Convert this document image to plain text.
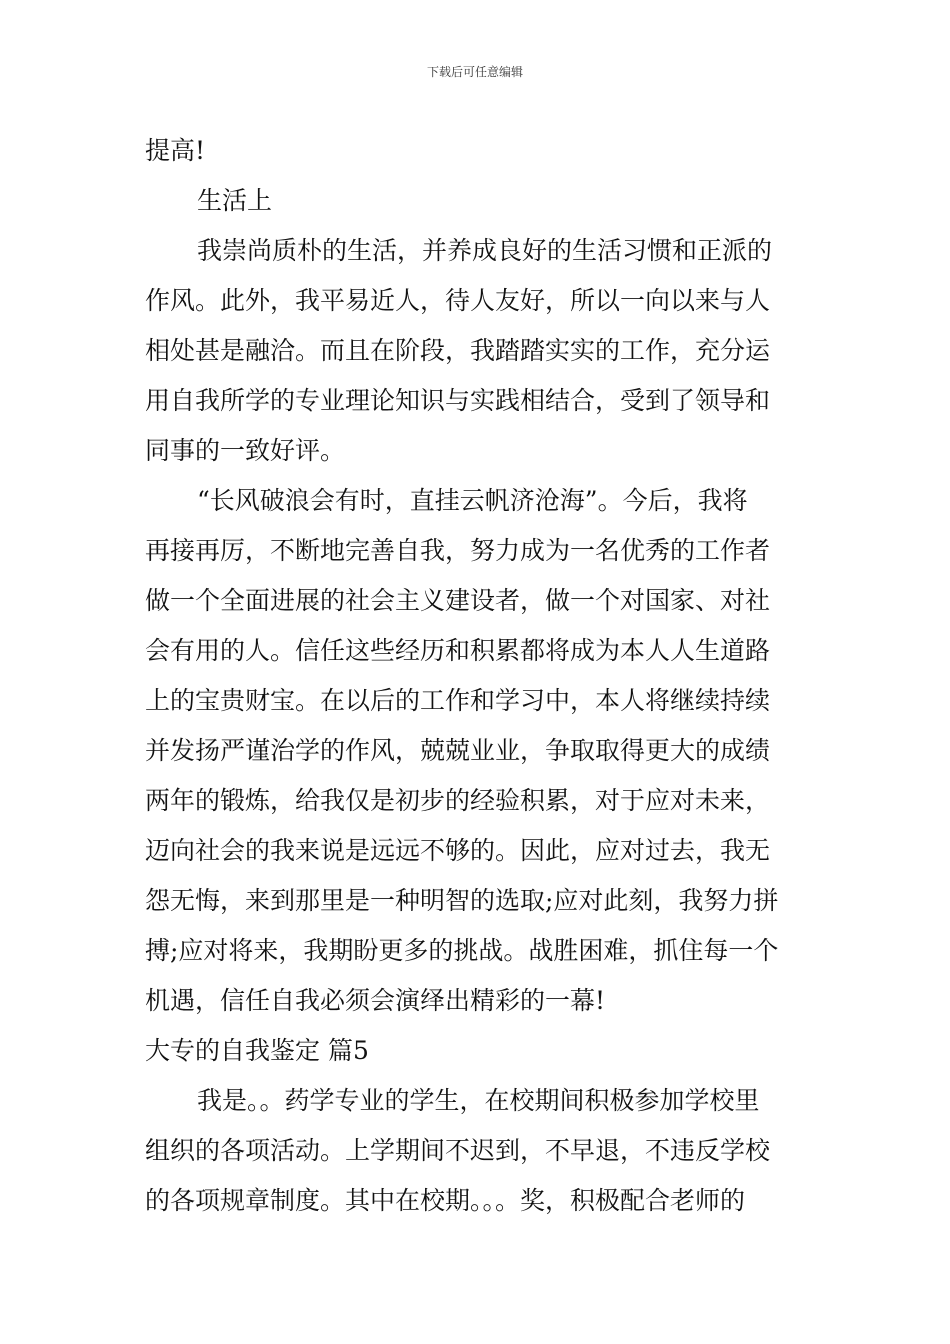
下载后可任意编辑
提高!
生活上
我崇尚质朴的生活，并养成良好的生活习惯和正派的
作风。此外，我平易近人，待人友好，所以一向以来与人
相处甚是融洽。而且在阶段，我踏踏实实的工作，充分运
用自我所学的专业理论知识与实践相结合，受到了领导和
同事的一致好评。
“长风破浪会有时，直挂云帆济沧海”。今后，我将
再接再厉，不断地完善自我，努力成为一名优秀的工作者
做一个全面进展的社会主义建设者，做一个对国家、对社
会有用的人。信任这些经历和积累都将成为本人人生道路
上的宝贵财宝。在以后的工作和学习中，本人将继续持续
并发扬严谨治学的作风，兢兢业业，争取取得更大的成绩
两年的锻炼，给我仅是初步的经验积累，对于应对未来，
迈向社会的我来说是远远不够的。因此，应对过去，我无
怨无悔，来到那里是一种明智的选取;应对此刻，我努力拼
搏;应对将来，我期盼更多的挑战。战胜困难，抓住每一个
机遇，信任自我必须会演绎出精彩的一幕!
大专的自我鉴定 篇5
我是。。药学专业的学生，在校期间积极参加学校里
组织的各项活动。上学期间不迟到，不早退，不违反学校
的各项规章制度。其中在校期。。。奖，积极配合老师的
